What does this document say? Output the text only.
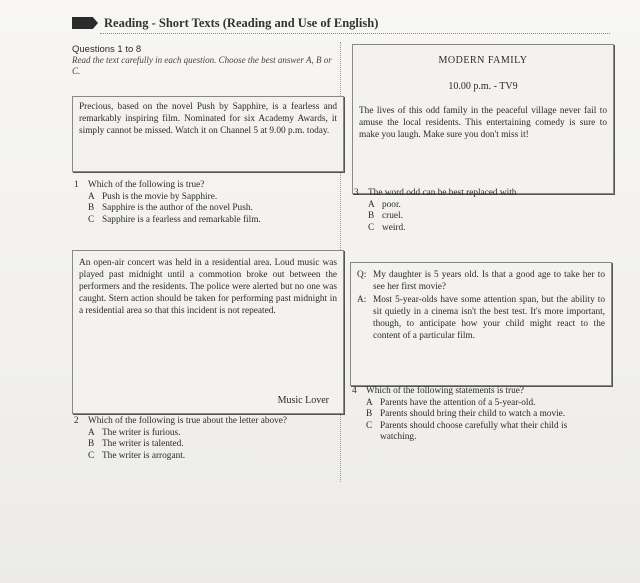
Reading - Short Texts (Reading and Use of English)
Questions 1 to 8
Read the text carefully in each question. Choose the best answer A, B or C.
Precious, based on the novel Push by Sapphire, is a fearless and remarkably inspiring film. Nominated for six Academy Awards, it simply cannot be missed. Watch it on Channel 5 at 9.00 p.m. today.
1	Which of the following is true?
A Push is the movie by Sapphire.
B Sapphire is the author of the novel Push.
C Sapphire is a fearless and remarkable film.
MODERN FAMILY
10.00 p.m. - TV9
The lives of this odd family in the peaceful village never fail to amuse the local residents. This entertaining comedy is sure to make you laugh. Make sure you don't miss it!
3	The word odd can be best replaced with
A poor.
B cruel.
C weird.
An open-air concert was held in a residential area. Loud music was played past midnight until a commotion broke out between the performers and the residents. The police were alerted but no one was caught. Stern action should be taken for performing past midnight in a residential area so that this incident is not repeated.
Music Lover
Q: My daughter is 5 years old. Is that a good age to take her to see her first movie?
A: Most 5-year-olds have some attention span, but the ability to sit quietly in a cinema isn't the best test. It's more important, though, to anticipate how your child might react to the content of a particular film.
2	Which of the following is true about the letter above?
A The writer is furious.
B The writer is talented.
C The writer is arrogant.
4	Which of the following statements is true?
A Parents have the attention of a 5-year-old.
B Parents should bring their child to watch a movie.
C Parents should choose carefully what their child is watching.
